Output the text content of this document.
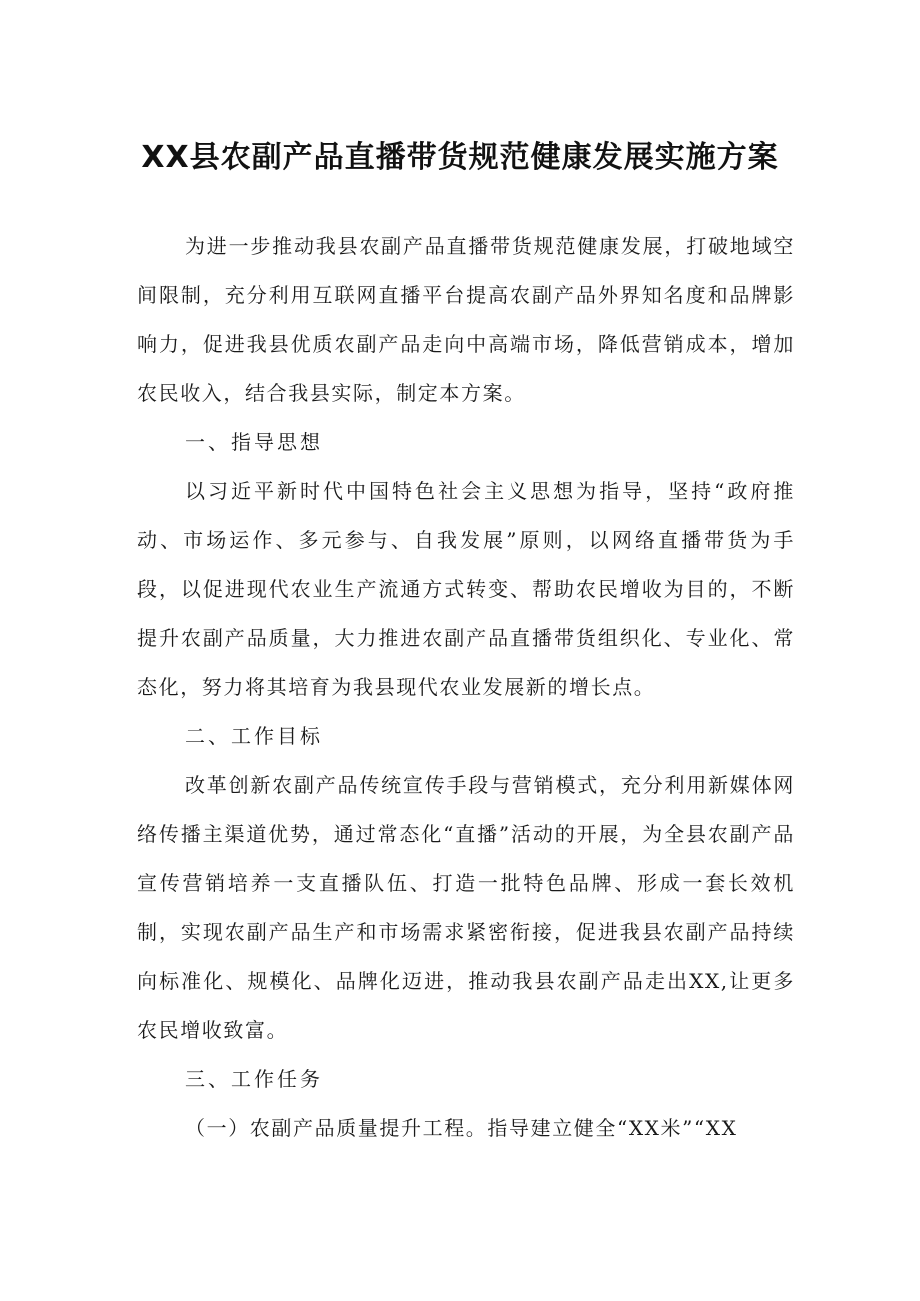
XX县农副产品直播带货规范健康发展实施方案

为进一步推动我县农副产品直播带货规范健康发展，打破地域空间限制，充分利用互联网直播平台提高农副产品外界知名度和品牌影响力，促进我县优质农副产品走向中高端市场，降低营销成本，增加农民收入，结合我县实际，制定本方案。

一、指导思想

以习近平新时代中国特色社会主义思想为指导，坚持“政府推动、市场运作、多元参与、自我发展”原则，以网络直播带货为手段，以促进现代农业生产流通方式转变、帮助农民增收为目的，不断提升农副产品质量，大力推进农副产品直播带货组织化、专业化、常态化，努力将其培育为我县现代农业发展新的增长点。

二、工作目标

改革创新农副产品传统宣传手段与营销模式，充分利用新媒体网络传播主渠道优势，通过常态化“直播”活动的开展，为全县农副产品宣传营销培养一支直播队伍、打造一批特色品牌、形成一套长效机制，实现农副产品生产和市场需求紧密衔接，促进我县农副产品持续向标准化、规模化、品牌化迈进，推动我县农副产品走出XX,让更多农民增收致富。

三、工作任务

（一）农副产品质量提升工程。指导建立健全“XX米”“XX
